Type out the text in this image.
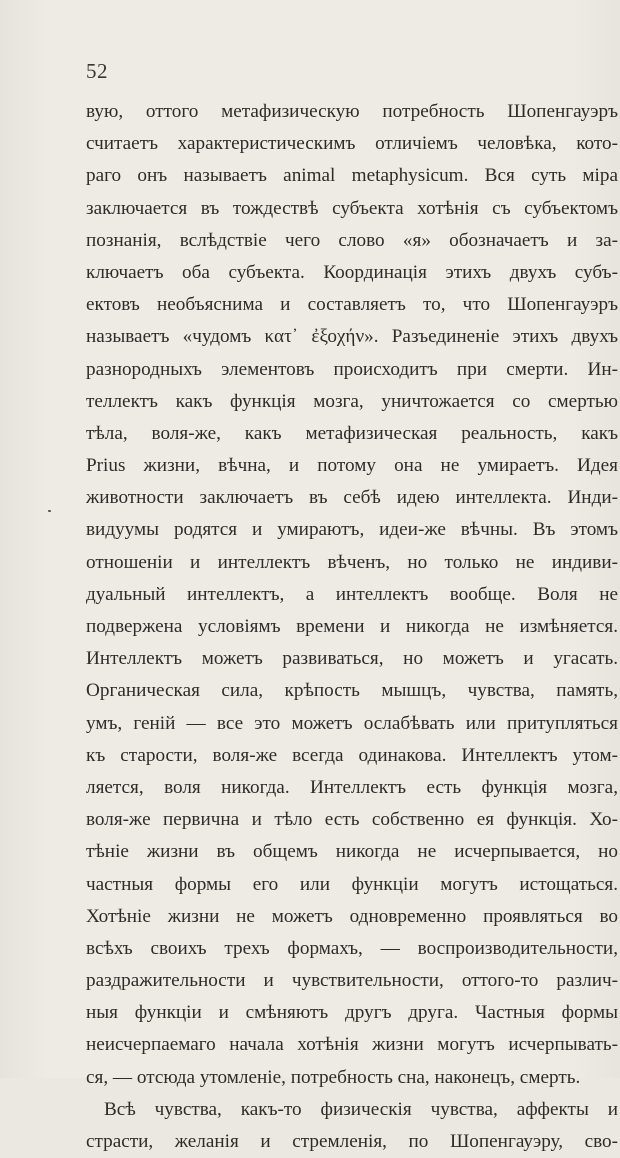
52
вую, оттого метафизическую потребность Шопенгауэръ
считаетъ характеристическимъ отличіемъ человѣка, кото-
раго онъ называетъ animal metaphysicum. Вся суть міра
заключается въ тождествѣ субъекта хотѣнія съ субъектомъ
познанія, вслѣдствіе чего слово «я» обозначаетъ и за-
ключаетъ оба субъекта. Координація этихъ двухъ субъ-
ектовъ необъяснима и составляетъ то, что Шопенгауэръ
называетъ «чудомъ κατ᾽ ἐξοχήν». Разъединеніе этихъ двухъ
разнородныхъ элементовъ происходитъ при смерти. Ин-
теллектъ какъ функція мозга, уничтожается со смертью
тѣла, воля-же, какъ метафизическая реальность, какъ
Prius жизни, вѣчна, и потому она не умираетъ. Идея
животности заключаетъ въ себѣ идею интеллекта. Инди-
видуумы родятся и умираютъ, идеи-же вѣчны. Въ этомъ
отношеніи и интеллектъ вѣченъ, но только не индиви-
дуальный интеллектъ, а интеллектъ вообще. Воля не
подвержена условіямъ времени и никогда не измѣняется.
Интеллектъ можетъ развиваться, но можетъ и угасать.
Органическая сила, крѣпость мышцъ, чувства, память,
умъ, геній — все это можетъ ослабѣвать или притупляться
къ старости, воля-же всегда одинакова. Интеллектъ утом-
ляется, воля никогда. Интеллектъ есть функція мозга,
воля-же первична и тѣло есть собственно ея функція. Хо-
тѣніе жизни въ общемъ никогда не исчерпывается, но
частныя формы его или функціи могутъ истощаться.
Хотѣніе жизни не можетъ одновременно проявляться во
всѣхъ своихъ трехъ формахъ, — воспроизводительности,
раздражительности и чувствительности, оттого-то различ-
ныя функціи и смѣняютъ другъ друга. Частныя формы
неисчерпаемаго начала хотѣнія жизни могутъ исчерпывать-
ся, — отсюда утомленіе, потребность сна, наконецъ, смерть.
Всѣ чувства, какъ-то физическія чувства, аффекты и
страсти, желанія и стремленія, по Шопенгауэру, сво-
